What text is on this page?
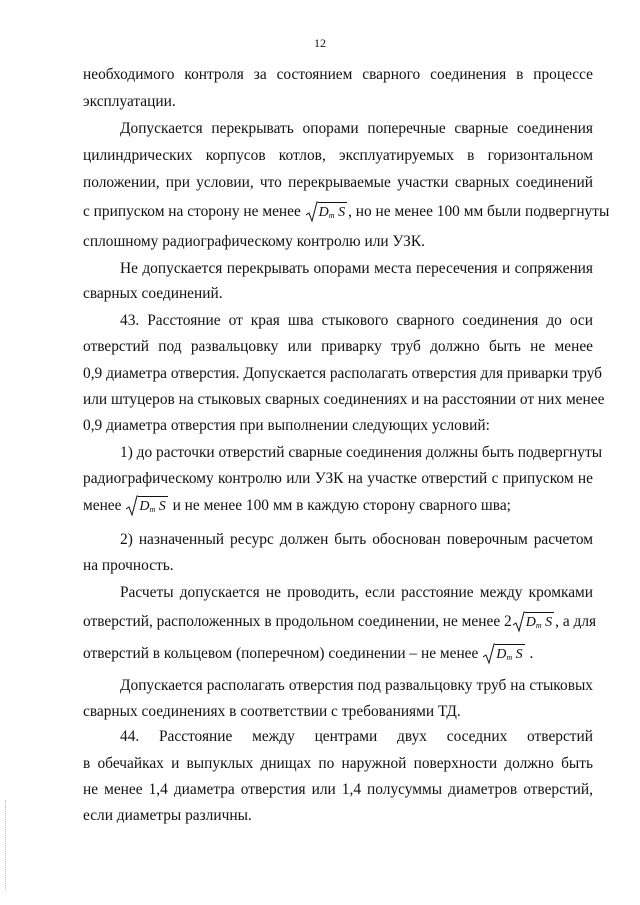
12
необходимого контроля за состоянием сварного соединения в процессе
эксплуатации.
Допускается перекрывать опорами поперечные сварные соединения
цилиндрических корпусов котлов, эксплуатируемых в горизонтальном
положении, при условии, что перекрываемые участки сварных соединений
с припуском на сторону не менее $D_m$ S , но не менее 100 мм были подвергнуты
сплошному радиографическому контролю или УЗК.
Не допускается перекрывать опорами места пересечения и сопряжения
сварных соединений.
43. Расстояние от края шва стыкового сварного соединения до оси
отверстий под развальцовку или приварку труб должно быть не менее
0,9 диаметра отверстия. Допускается располагать отверстия для приварки труб
или штуцеров на стыковых сварных соединениях и на расстоянии от них менее
0,9 диаметра отверстия при выполнении следующих условий:
1) до расточки отверстий сварные соединения должны быть подвергнуты
радиографическому контролю или УЗК на участке отверстий с припуском не
менее $D_m$ S и не менее 100 мм в каждую сторону сварного шва;
2) назначенный ресурс должен быть обоснован поверочным расчетом
на прочность.
Расчеты допускается не проводить, если расстояние между кромками
отверстий, расположенных в продольном соединении, не менее 2 $D_m$ S , а для
отверстий в кольцевом (поперечном) соединении – не менее $D_m$ S .
Допускается располагать отверстия под развальцовку труб на стыковых
сварных соединениях в соответствии с требованиями ТД.
44. Расстояние между центрами двух соседних отверстий
в обечайках и выпуклых днищах по наружной поверхности должно быть
не менее 1,4 диаметра отверстия или 1,4 полусуммы диаметров отверстий,
если диаметры различны.
